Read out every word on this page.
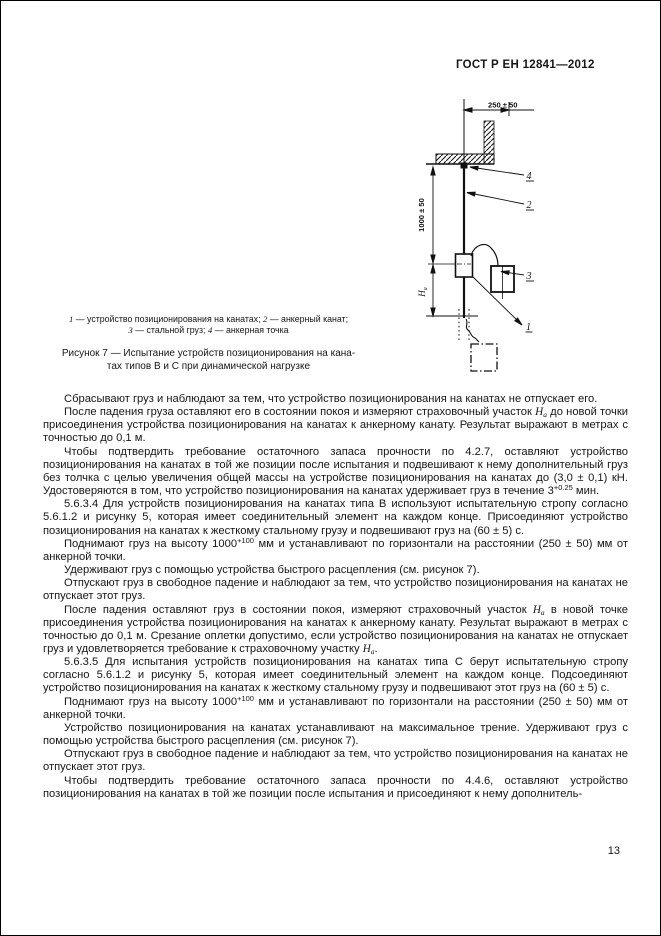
ГОСТ Р ЕН 12841—2012
250 ± 50
1000 ± 50
$H_а$
4
2
3
1
1 — устройство позиционирования на канатах; 2 — анкерный канат;
3 — стальной груз; 4 — анкерная точка
Рисунок 7 — Испытание устройств позиционирования на кана-
тах типов В и С при динамической нагрузке

Сбрасывают груз и наблюдают за тем, что устройство позиционирования на канатах не отпускает его.

После падения груза оставляют его в состоянии покоя и измеряют страховочный участок $H_а$ до новой точки присоединения устройства позиционирования на канатах к анкерному канату. Результат выражают в метрах с точностью до 0,1 м.

Чтобы подтвердить требование остаточного запаса прочности по 4.2.7, оставляют устройство позиционирования на канатах в той же позиции после испытания и подвешивают к нему дополнительный груз без толчка с целью увеличения общей массы на устройстве позиционирования на канатах до (3,0 ± 0,1) кН. Удостоверяются в том, что устройство позиционирования на канатах удерживает груз в течение $3^{+0.25}$ мин.

5.6.3.4 Для устройств позиционирования на канатах типа В используют испытательную стропу согласно 5.6.1.2 и рисунку 5, которая имеет соединительный элемент на каждом конце. Присоединяют устройство позиционирования на канатах к жесткому стальному грузу и подвешивают груз на (60 ± 5) с.

Поднимают груз на высоту $1000^{+100}$ мм и устанавливают по горизонтали на расстоянии (250 ± 50) мм от анкерной точки.

Удерживают груз с помощью устройства быстрого расцепления (см. рисунок 7).

Отпускают груз в свободное падение и наблюдают за тем, что устройство позиционирования на канатах не отпускает этот груз.

После падения оставляют груз в состоянии покоя, измеряют страховочный участок $H_а$ в новой точке присоединения устройства позиционирования на канатах к анкерному канату. Результат выражают в метрах с точностью до 0,1 м. Срезание оплетки допустимо, если устройство позиционирования на канатах не отпускает груз и удовлетворяется требование к страховочному участку $H_а$.

5.6.3.5 Для испытания устройств позиционирования на канатах типа С берут испытательную стропу согласно 5.6.1.2 и рисунку 5, которая имеет соединительный элемент на каждом конце. Подсоединяют устройство позиционирования на канатах к жесткому стальному грузу и подвешивают этот груз на (60 ± 5) с.

Поднимают груз на высоту $1000^{+100}$ мм и устанавливают по горизонтали на расстоянии (250 ± 50) мм от анкерной точки.

Устройство позиционирования на канатах устанавливают на максимальное трение. Удерживают груз с помощью устройства быстрого расцепления (см. рисунок 7).

Отпускают груз в свободное падение и наблюдают за тем, что устройство позиционирования на канатах не отпускает этот груз.

Чтобы подтвердить требование остаточного запаса прочности по 4.4.6, оставляют устройство позиционирования на канатах в той же позиции после испытания и присоединяют к нему дополнитель-

13
